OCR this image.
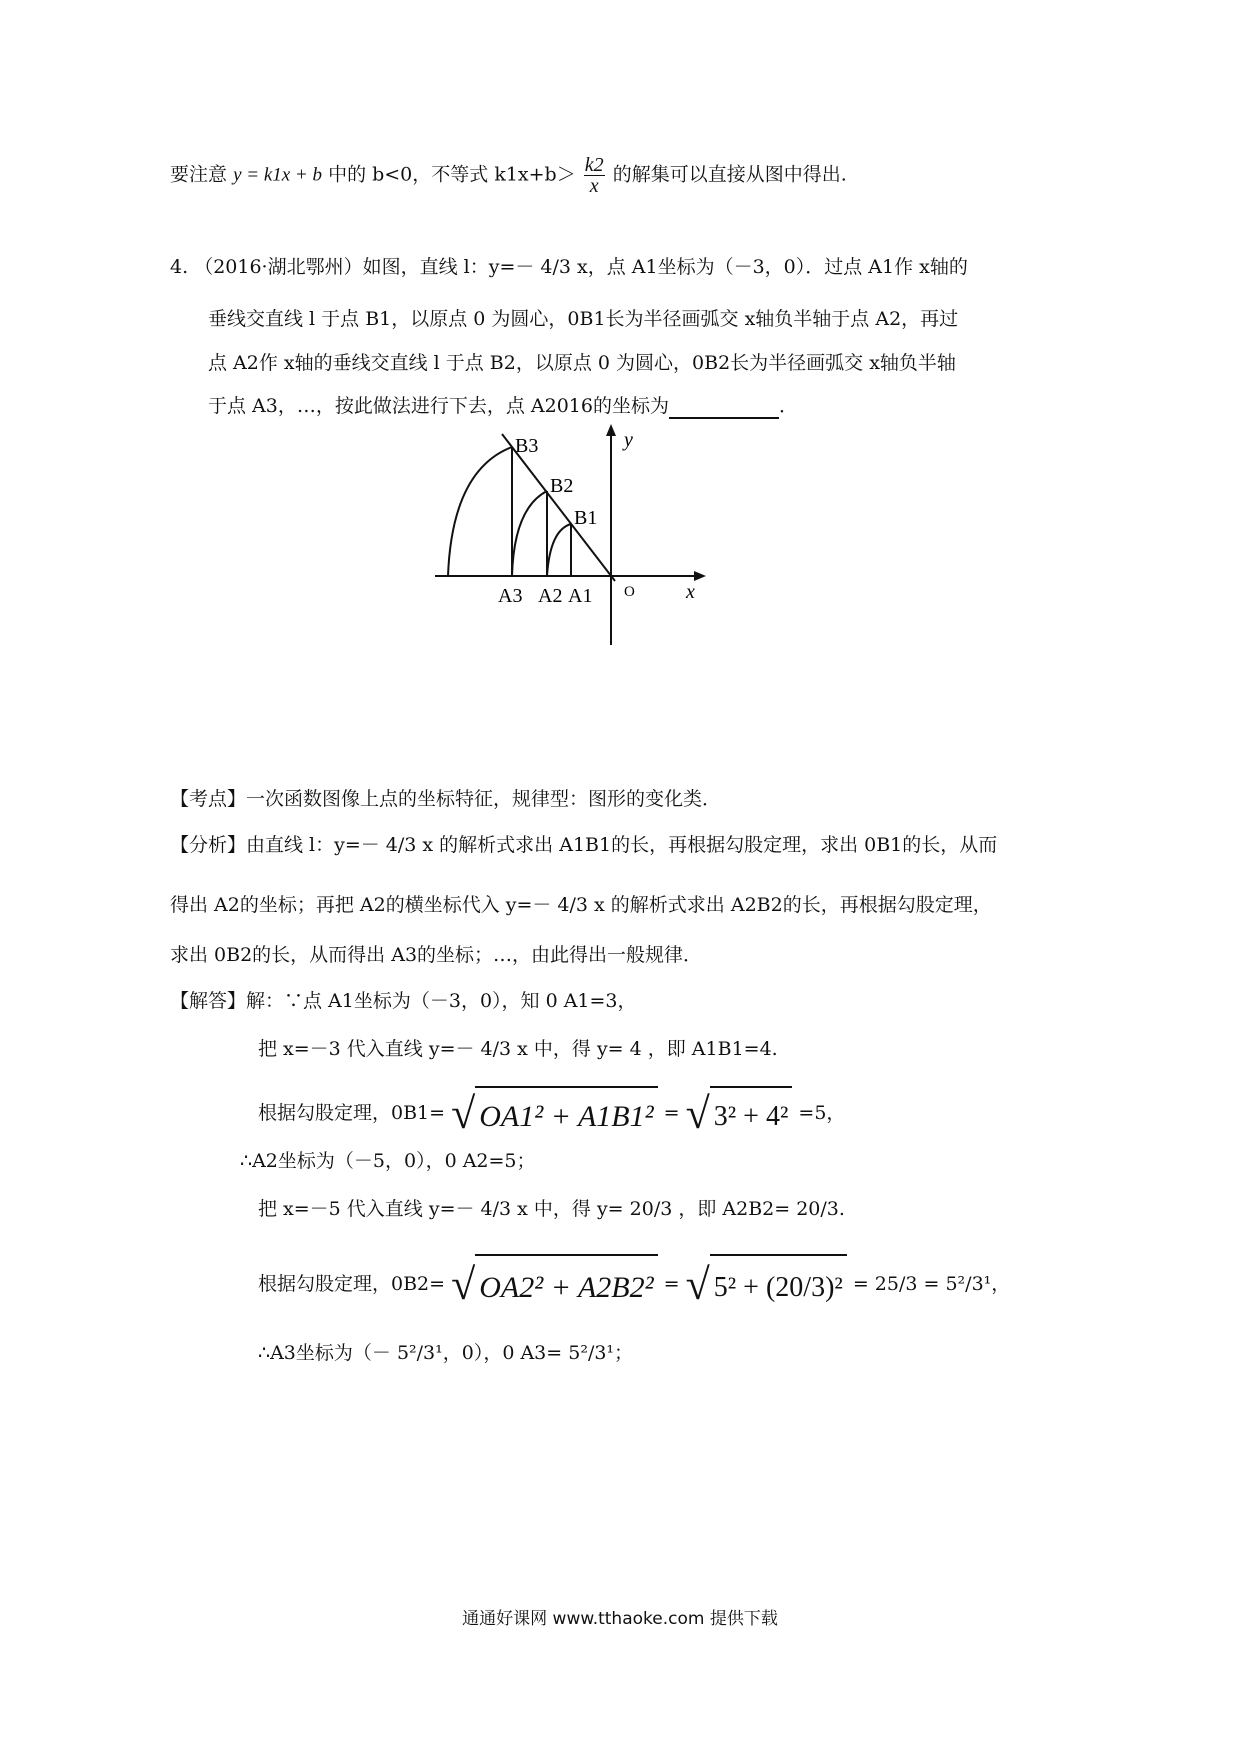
要注意 y = k1x + b 中的 b<0，不等式 $k1x+b> \frac{k2}{x}$ 的解集可以直接从图中得出.
4. （2016·湖北鄂州）如图，直线 l：y=－ 4/3 x，点 A1坐标为（－3，0）．过点 A1作 x轴的
垂线交直线 l 于点 B1，以原点 0 为圆心，0B1长为半径画弧交 x轴负半轴于点 A2，再过
点 A2作 x轴的垂线交直线 l 于点 B2，以原点 0 为圆心，0B2长为半径画弧交 x轴负半轴
于点 A3，…，按此做法进行下去，点 A2016的坐标为	．
B3
B2
B1
A3 A2 A1 O	x
y
【考点】一次函数图像上点的坐标特征，规律型：图形的变化类．
【分析】由直线 l：y=－ 4/3 x 的解析式求出 A1B1的长，再根据勾股定理，求出 0B1的长，从而
得出 A2的坐标；再把 A2的横坐标代入 y=－ 4/3 x 的解析式求出 A2B2的长，再根据勾股定理，
求出 0B2的长，从而得出 A3的坐标；…，由此得出一般规律．
【解答】解：∵点 A1坐标为（－3，0），知 0 A1=3，
把 x=－3 代入直线 y=－ 4/3 x 中，得 y= 4 ，即 A1B1=4.
根据勾股定理，0B1= √ OA1² + A1B1² = √ 3² + 4² =5，
∴A2坐标为（－5，0），0 A2=5；
把 x=－5 代入直线 y=－ 4/3 x 中，得 y= 20/3 ，即 A2B2= 20/3.
根据勾股定理，0B2= √ OA2² + A2B2² = √ 5² + (20/3)² = 25/3 = 5²/3¹，
∴A3坐标为（－ 5²/3¹，0），0 A3= 5²/3¹；
通通好课网 www.tthaoke.com 提供下载
